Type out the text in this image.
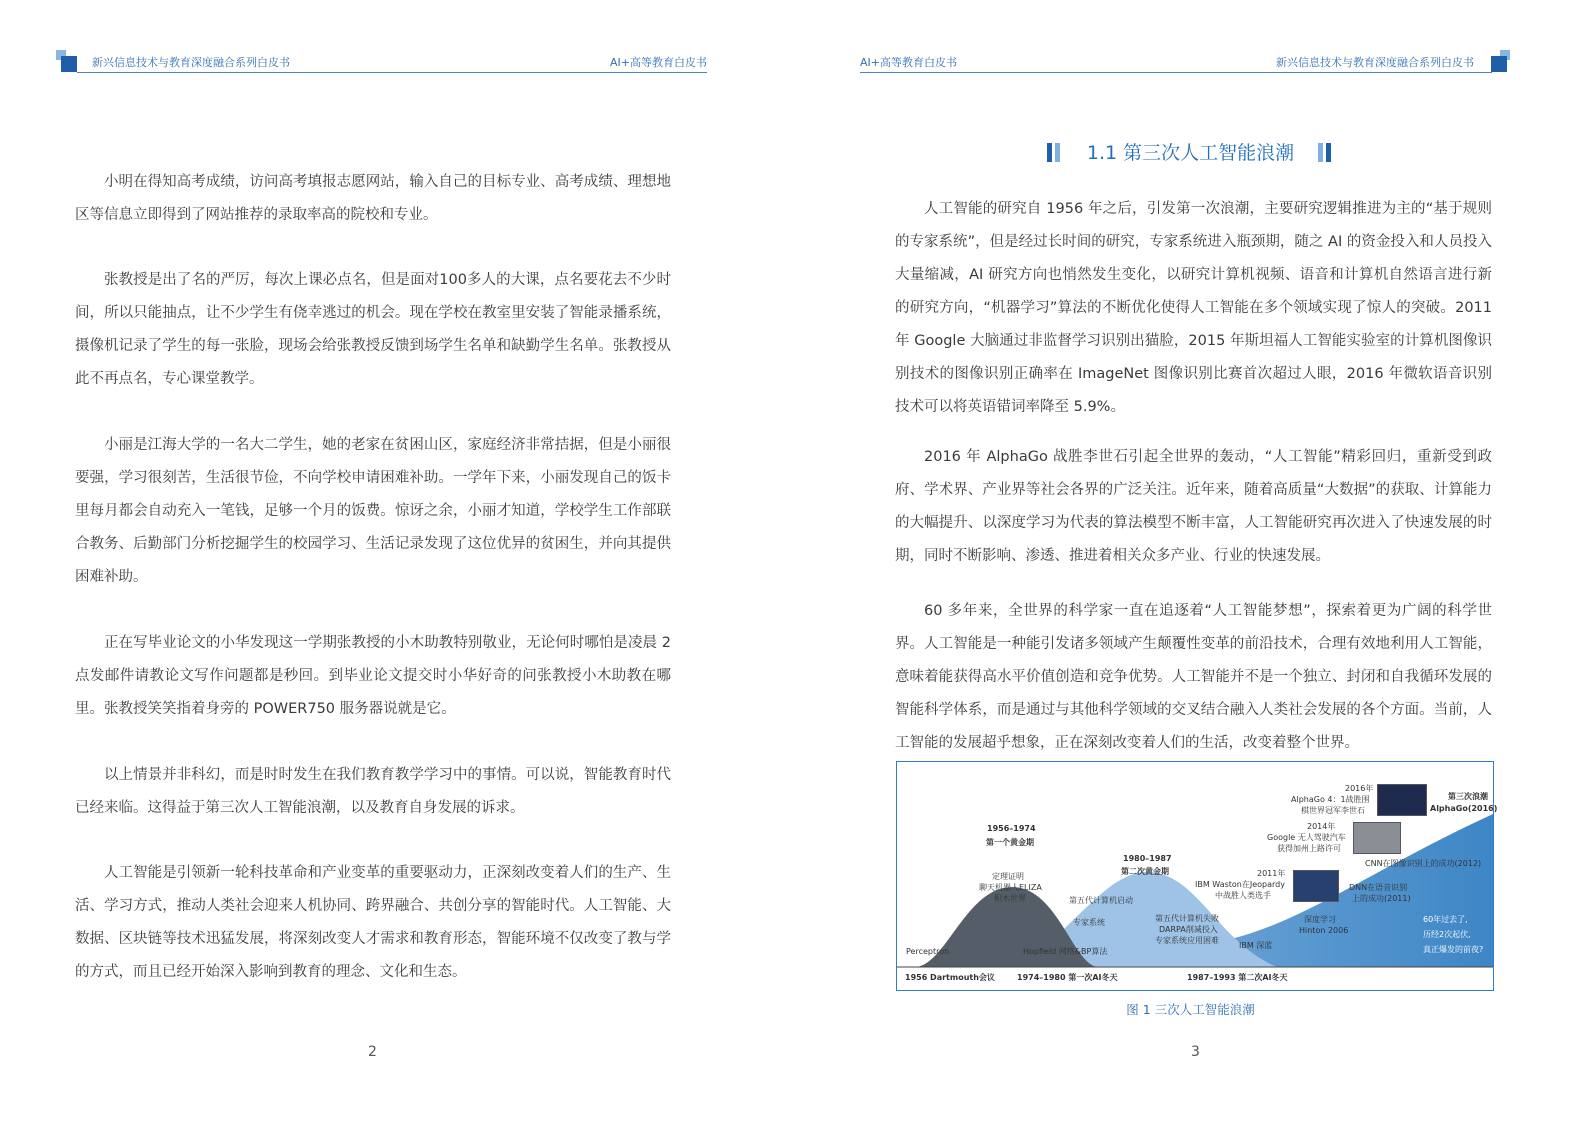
新兴信息技术与教育深度融合系列白皮书	AI+高等教育白皮书

小明在得知高考成绩，访问高考填报志愿网站，输入自己的目标专业、高考成绩、理想地区等信息立即得到了网站推荐的录取率高的院校和专业。

张教授是出了名的严厉，每次上课必点名，但是面对100多人的大课，点名要花去不少时间，所以只能抽点，让不少学生有侥幸逃过的机会。现在学校在教室里安装了智能录播系统，摄像机记录了学生的每一张脸，现场会给张教授反馈到场学生名单和缺勤学生名单。张教授从此不再点名，专心课堂教学。

小丽是江海大学的一名大二学生，她的老家在贫困山区，家庭经济非常拮据，但是小丽很要强，学习很刻苦，生活很节俭，不向学校申请困难补助。一学年下来，小丽发现自己的饭卡里每月都会自动充入一笔钱，足够一个月的饭费。惊讶之余，小丽才知道，学校学生工作部联合教务、后勤部门分析挖掘学生的校园学习、生活记录发现了这位优异的贫困生，并向其提供困难补助。

正在写毕业论文的小华发现这一学期张教授的小木助教特别敬业，无论何时哪怕是凌晨 2 点发邮件请教论文写作问题都是秒回。到毕业论文提交时小华好奇的问张教授小木助教在哪里。张教授笑笑指着身旁的 POWER750 服务器说就是它。

以上情景并非科幻，而是时时发生在我们教育教学学习中的事情。可以说，智能教育时代已经来临。这得益于第三次人工智能浪潮，以及教育自身发展的诉求。

人工智能是引领新一轮科技革命和产业变革的重要驱动力，正深刻改变着人们的生产、生活、学习方式，推动人类社会迎来人机协同、跨界融合、共创分享的智能时代。人工智能、大数据、区块链等技术迅猛发展，将深刻改变人才需求和教育形态，智能环境不仅改变了教与学的方式，而且已经开始深入影响到教育的理念、文化和生态。

2
AI+高等教育白皮书	新兴信息技术与教育深度融合系列白皮书
1.1 第三次人工智能浪潮

人工智能的研究自 1956 年之后，引发第一次浪潮，主要研究逻辑推进为主的“基于规则的专家系统”，但是经过长时间的研究，专家系统进入瓶颈期，随之 AI 的资金投入和人员投入大量缩减，AI 研究方向也悄然发生变化，以研究计算机视频、语音和计算机自然语言进行新的研究方向，“机器学习”算法的不断优化使得人工智能在多个领域实现了惊人的突破。2011 年 Google 大脑通过非监督学习识别出猫脸，2015 年斯坦福人工智能实验室的计算机图像识别技术的图像识别正确率在 ImageNet 图像识别比赛首次超过人眼，2016 年微软语音识别技术可以将英语错词率降至 5.9%。

2016 年 AlphaGo 战胜李世石引起全世界的轰动，“人工智能”精彩回归，重新受到政府、学术界、产业界等社会各界的广泛关注。近年来，随着高质量“大数据”的获取、计算能力的大幅提升、以深度学习为代表的算法模型不断丰富，人工智能研究再次进入了快速发展的时期，同时不断影响、渗透、推进着相关众多产业、行业的快速发展。

60 多年来，全世界的科学家一直在追逐着“人工智能梦想”，探索着更为广阔的科学世界。人工智能是一种能引发诸多领域产生颠覆性变革的前沿技术，合理有效地利用人工智能，意味着能获得高水平价值创造和竞争优势。人工智能并不是一个独立、封闭和自我循环发展的智能科学体系，而是通过与其他科学领域的交叉结合融入人类社会发展的各个方面。当前，人工智能的发展超乎想象，正在深刻改变着人们的生活，改变着整个世界。

1956–1974
第一个黄金期
定理证明
聊天机器人ELIZA
积木世界
Perceptron	Hopfield 网络&BP算法
1980–1987
第二次黄金期
第五代计算机启动
专家系统	第五代计算机失败
DARPA削减投入
专家系统应用困难
IBM 深蓝
深度学习
Hinton 2006
2011年
IBM Waston在Jeopardy
中战胜人类选手
DNN在语音识别
上的成功(2011)
CNN在图像识别上的成功(2012)
2014年
Google 无人驾驶汽车
获得加州上路许可
2016年
AlphaGo 4：1战胜围
棋世界冠军李世石
第三次浪潮
AlphaGo(2016)
60年过去了,
历经2次起伏,
真正爆发的前夜?
1956 Dartmouth会议	1974–1980 第一次AI冬天	1987–1993 第二次AI冬天
图 1 三次人工智能浪潮
3
